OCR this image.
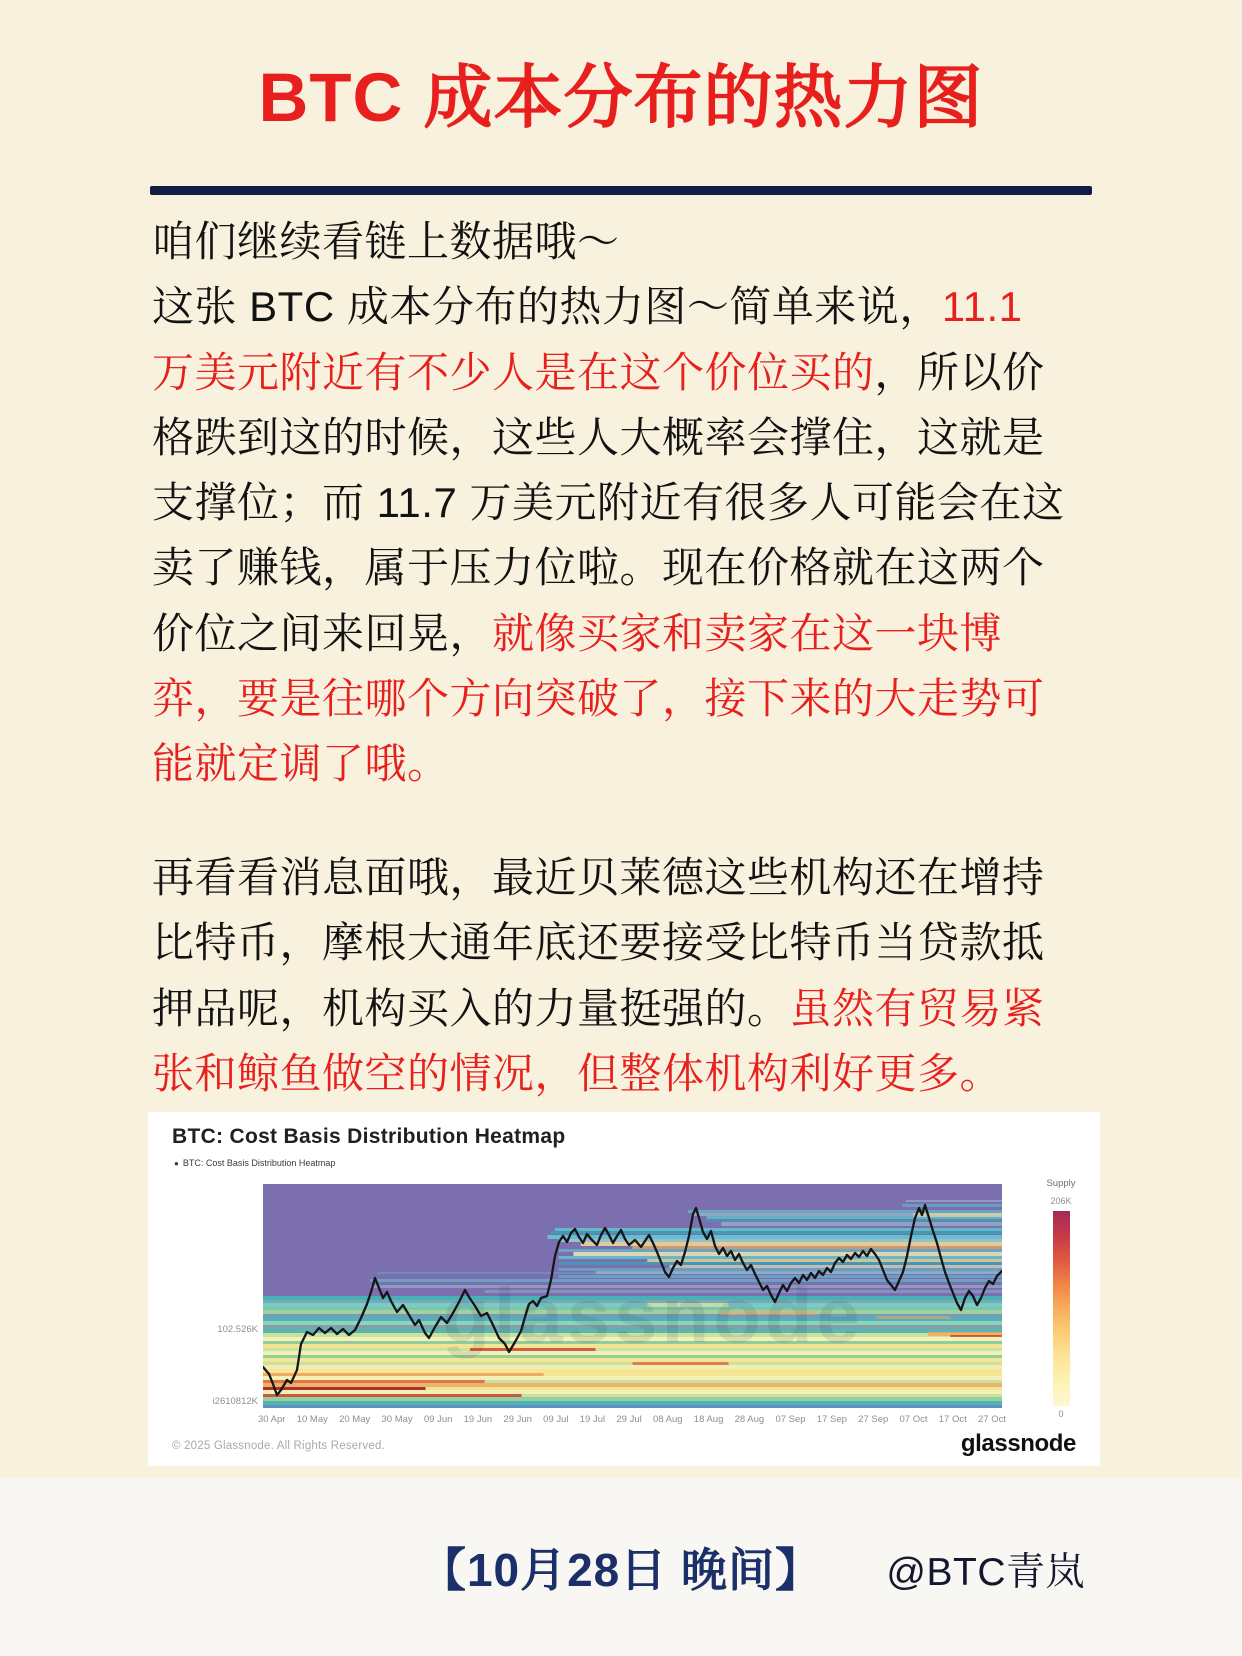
BTC 成本分布的热力图
咱们继续看链上数据哦～
这张 BTC 成本分布的热力图～简单来说，11.1
万美元附近有不少人是在这个价位买的，所以价
格跌到这的时候，这些人大概率会撑住，这就是
支撑位；而 11.7 万美元附近有很多人可能会在这
卖了赚钱，属于压力位啦。现在价格就在这两个
价位之间来回晃，就像买家和卖家在这一块博
弈，要是往哪个方向突破了，接下来的大走势可
能就定调了哦。
再看看消息面哦，最近贝莱德这些机构还在增持
比特币，摩根大通年底还要接受比特币当贷款抵
押品呢，机构买入的力量挺强的。虽然有贸易紧
张和鲸鱼做空的情况，但整体机构利好更多。
BTC: Cost Basis Distribution Heatmap
● BTC: Cost Basis Distribution Heatmap
102.526K
i2610812K
glassnode
30 Apr 10 May 20 May 30 May 09 Jun 19 Jun 29 Jun 09 Jul 19 Jul 29 Jul 08 Aug 18 Aug 28 Aug 07 Sep 17 Sep 27 Sep 07 Oct 17 Oct 27 Oct
Supply
206K
0
© 2025 Glassnode. All Rights Reserved.	glassnode
【10月28日 晚间】	@BTC青岚
